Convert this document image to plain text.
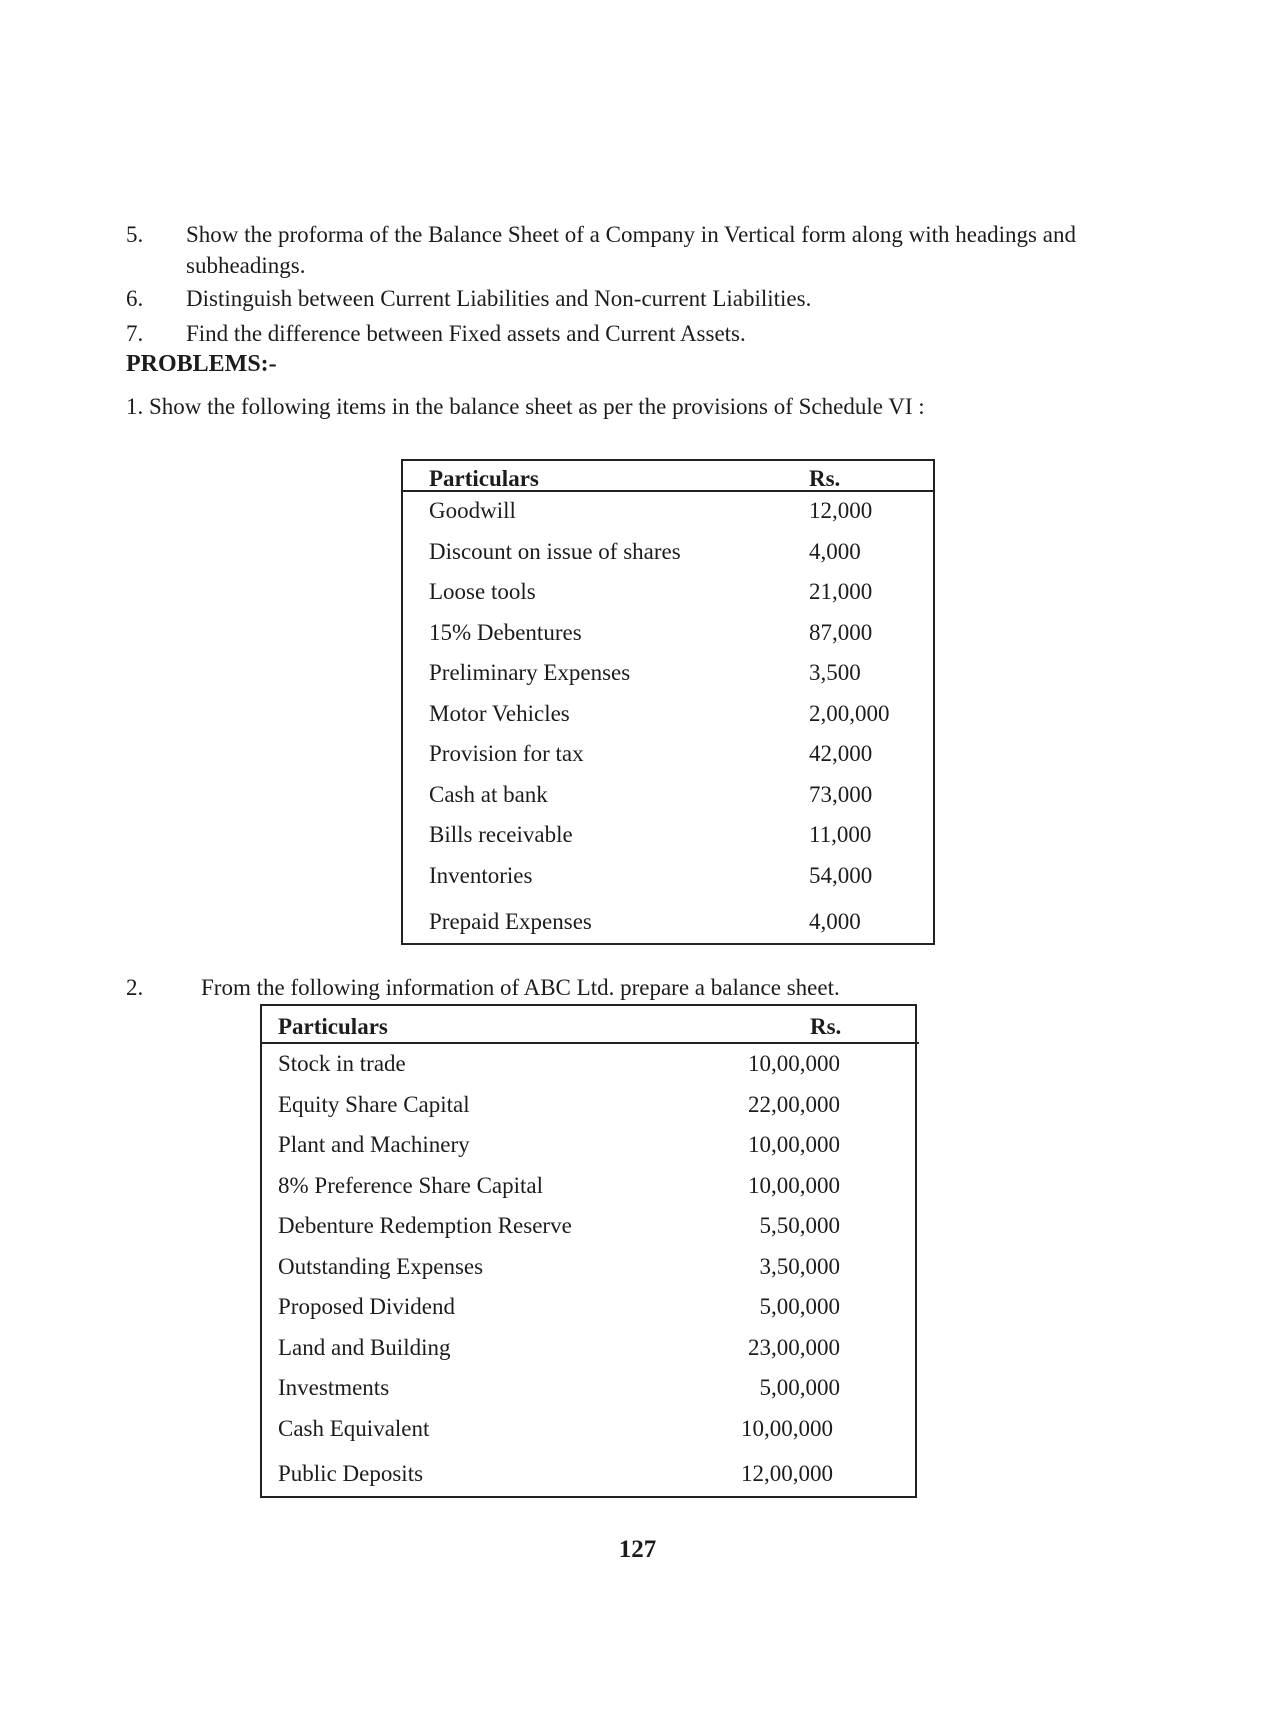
5. Show the proforma of the Balance Sheet of a Company in Vertical form along with headings and
subheadings.
6. Distinguish between Current Liabilities and Non-current Liabilities.
7. Find the difference between Fixed assets and Current Assets.
PROBLEMS:-
1. Show the following items in the balance sheet as per the provisions of Schedule VI :
Particulars	Rs.
Goodwill	12,000
Discount on issue of shares	4,000
Loose tools	21,000
15% Debentures	87,000
Preliminary Expenses	3,500
Motor Vehicles	2,00,000
Provision for tax	42,000
Cash at bank	73,000
Bills receivable	11,000
Inventories	54,000
Prepaid Expenses	4,000
2.	From the following information of ABC Ltd. prepare a balance sheet.
Particulars	Rs.
Stock in trade	10,00,000
Equity Share Capital	22,00,000
Plant and Machinery	10,00,000
8% Preference Share Capital	10,00,000
Debenture Redemption Reserve	5,50,000
Outstanding Expenses	3,50,000
Proposed Dividend	5,00,000
Land and Building	23,00,000
Investments	5,00,000
Cash Equivalent	10,00,000
Public Deposits	12,00,000
127
